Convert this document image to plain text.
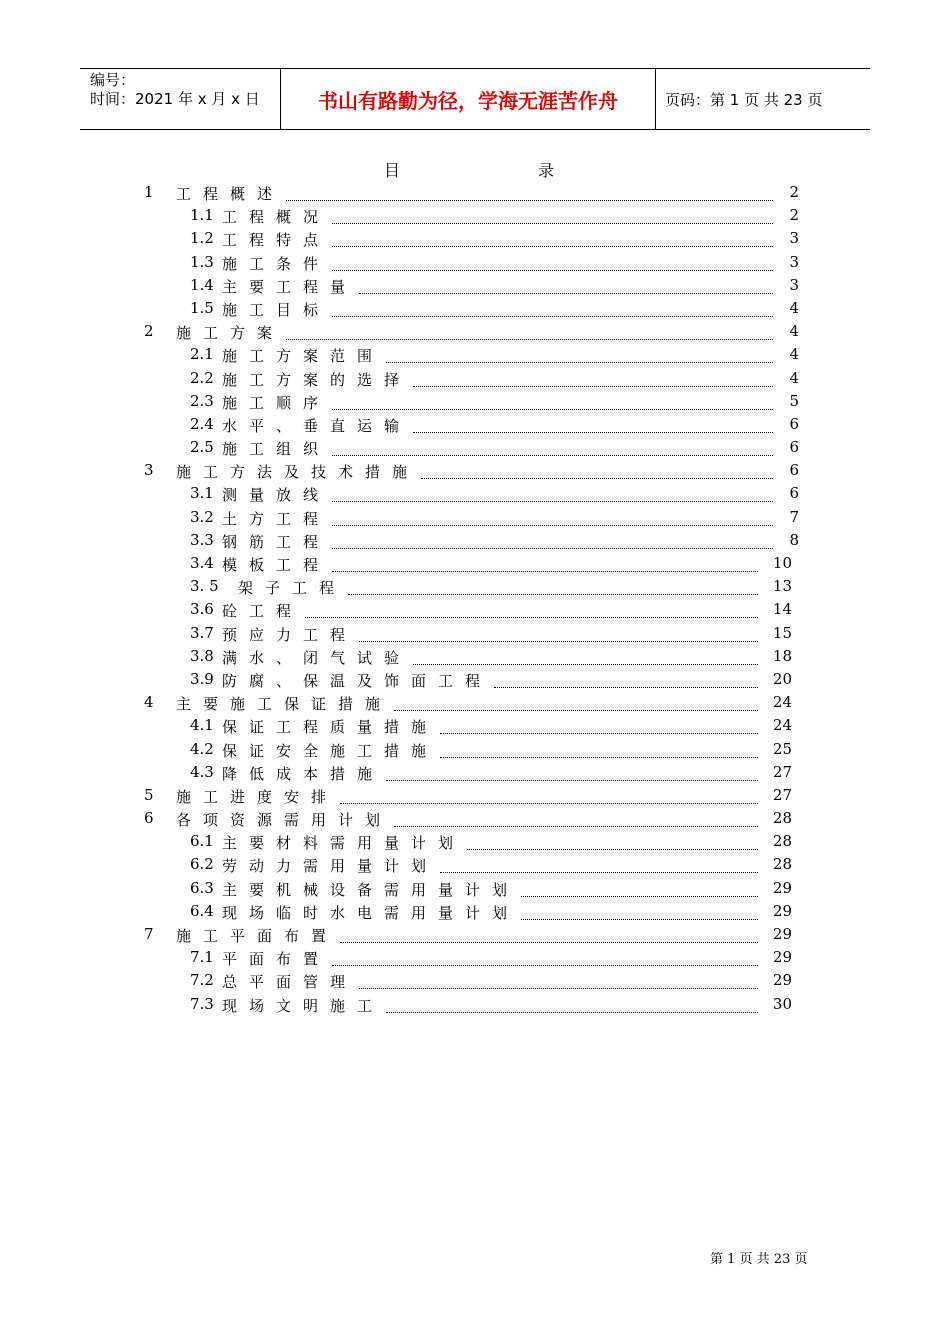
编号：
时间：2021 年 x 月 x 日	书山有路勤为径，学海无涯苦作舟	页码：第 1 页 共 23 页
目	录
1 工程概述	2
1.1 工程概况	2
1.2 工程特点	3
1.3 施工条件	3
1.4 主要工程量	3
1.5 施工目标	4
2 施工方案	4
2.1 施工方案范围	4
2.2 施工方案的选择	4
2.3 施工顺序	5
2.4 水平、垂直运输	6
2.5 施工组织	6
3 施工方法及技术措施	6
3.1 测量放线	6
3.2 土方工程	7
3.3 钢筋工程	8
3.4 模板工程	10
3. 5 架子工程	13
3.6 砼工程	14
3.7 预应力工程	15
3.8 满水、闭气试验	18
3.9 防腐、保温及饰面工程	20
4 主要施工保证措施	24
4.1 保证工程质量措施	24
4.2 保证安全施工措施	25
4.3 降低成本措施	27
5 施工进度安排	27
6 各项资源需用计划	28
6.1 主要材料需用量计划	28
6.2 劳动力需用量计划	28
6.3 主要机械设备需用量计划	29
6.4 现场临时水电需用量计划	29
7 施工平面布置	29
7.1 平面布置	29
7.2 总平面管理	29
7.3 现场文明施工	30
第 1 页 共 23 页
